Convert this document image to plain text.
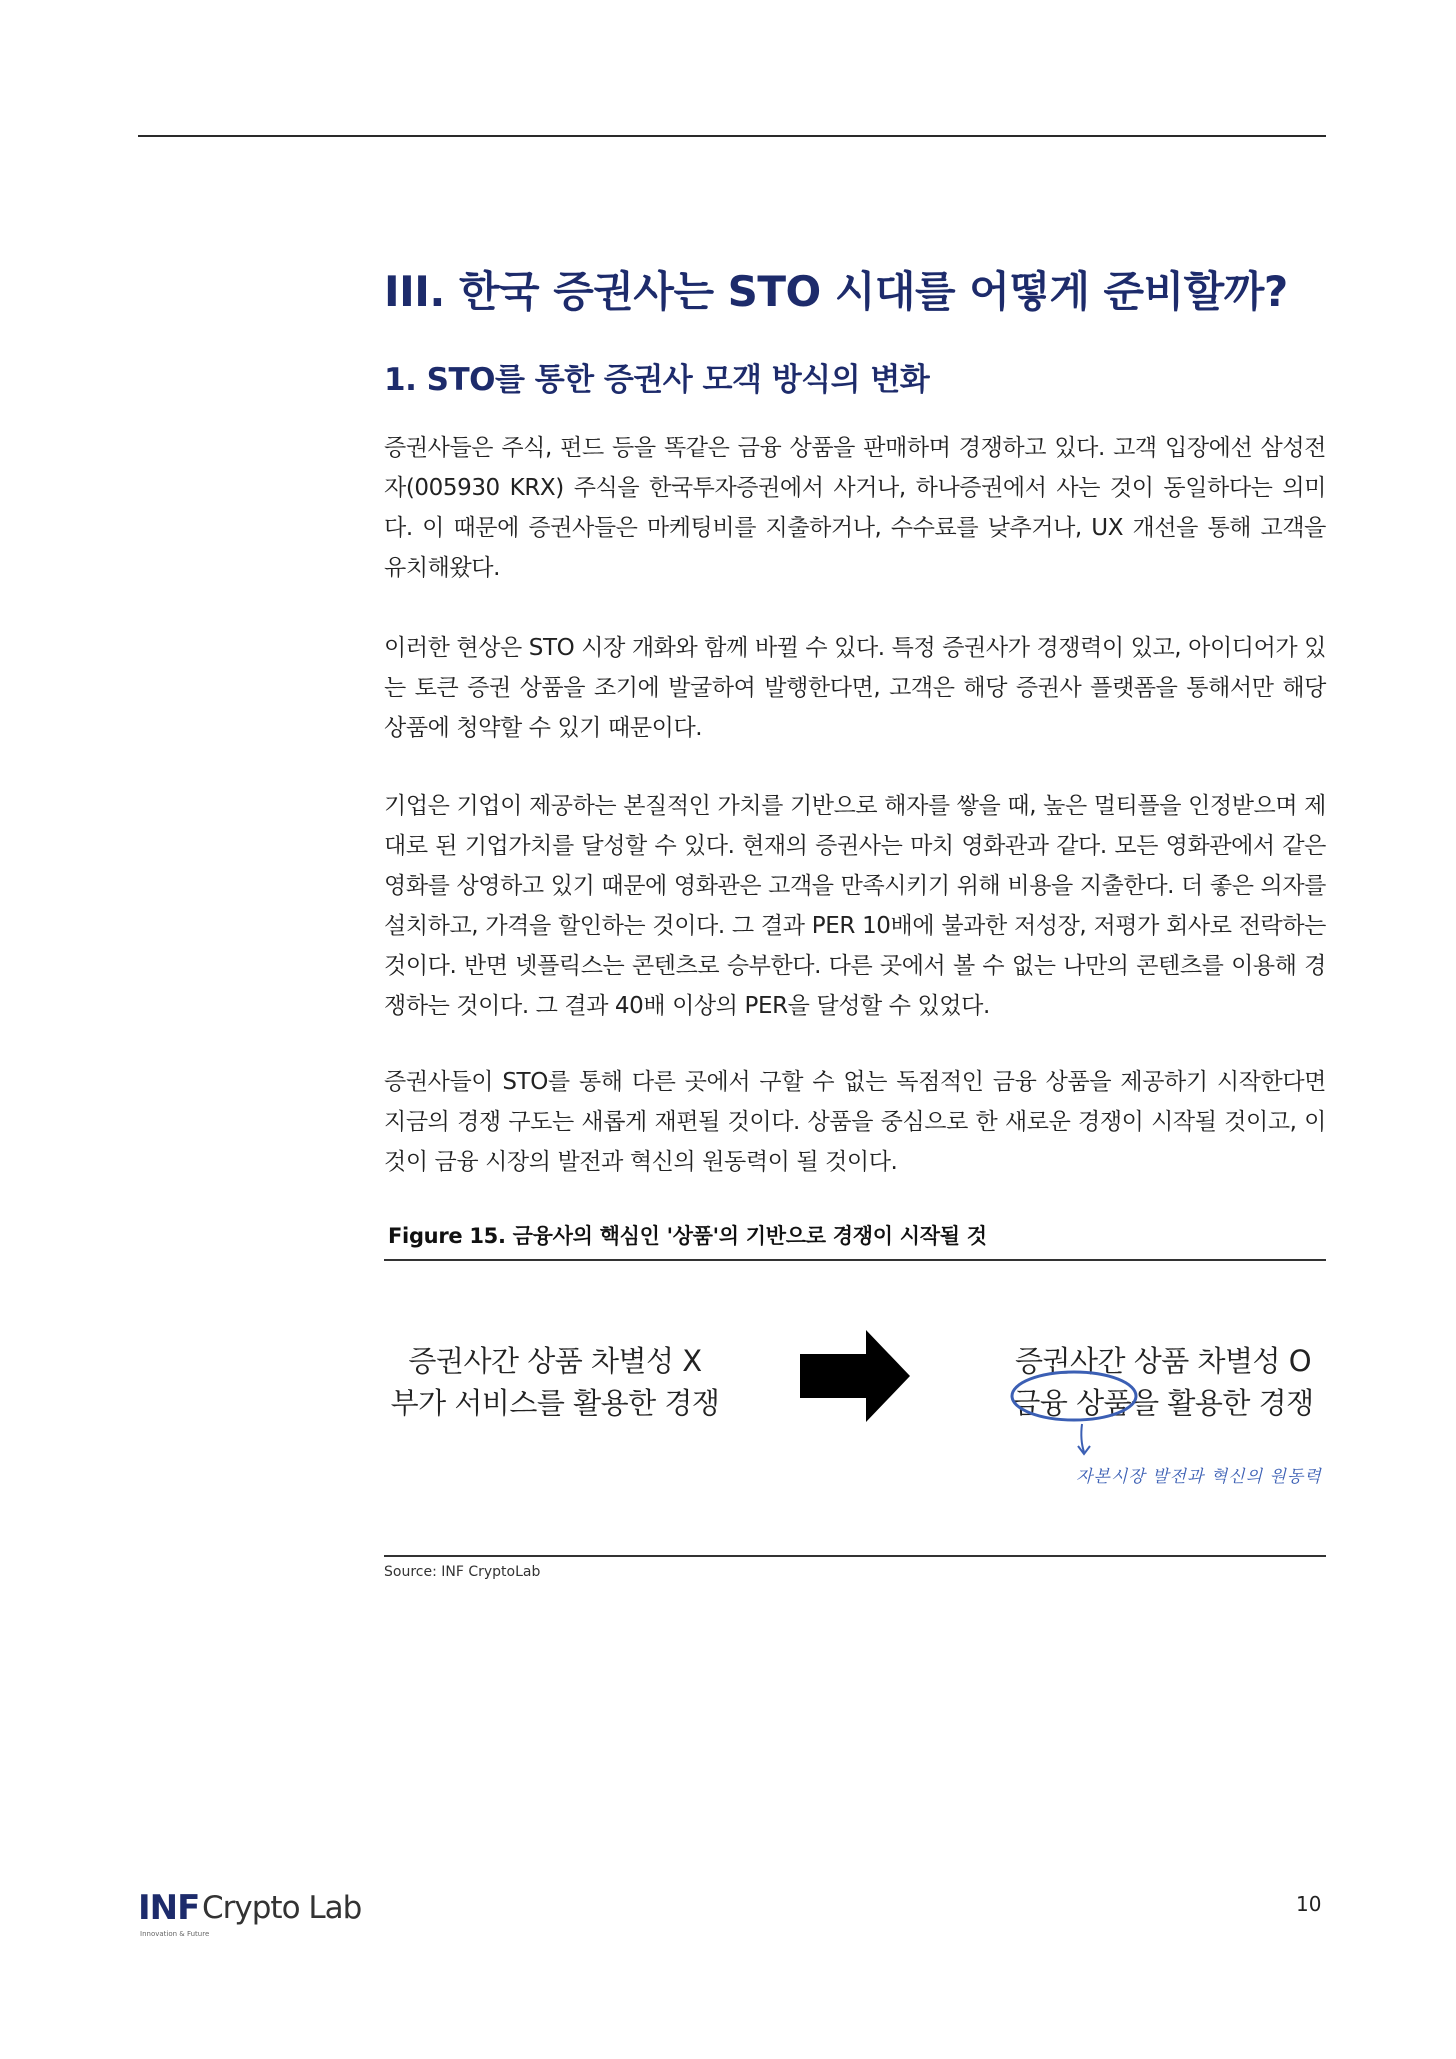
III. 한국 증권사는 STO 시대를 어떻게 준비할까?
1. STO를 통한 증권사 모객 방식의 변화

증권사들은 주식, 펀드 등을 똑같은 금융 상품을 판매하며 경쟁하고 있다. 고객 입장에선 삼성전자(005930 KRX) 주식을 한국투자증권에서 사거나, 하나증권에서 사는 것이 동일하다는 의미다. 이 때문에 증권사들은 마케팅비를 지출하거나, 수수료를 낮추거나, UX 개선을 통해 고객을 유치해왔다.

이러한 현상은 STO 시장 개화와 함께 바뀔 수 있다. 특정 증권사가 경쟁력이 있고, 아이디어가 있는 토큰 증권 상품을 조기에 발굴하여 발행한다면, 고객은 해당 증권사 플랫폼을 통해서만 해당 상품에 청약할 수 있기 때문이다.

기업은 기업이 제공하는 본질적인 가치를 기반으로 해자를 쌓을 때, 높은 멀티플을 인정받으며 제대로 된 기업가치를 달성할 수 있다. 현재의 증권사는 마치 영화관과 같다. 모든 영화관에서 같은 영화를 상영하고 있기 때문에 영화관은 고객을 만족시키기 위해 비용을 지출한다. 더 좋은 의자를 설치하고, 가격을 할인하는 것이다. 그 결과 PER 10배에 불과한 저성장, 저평가 회사로 전락하는 것이다. 반면 넷플릭스는 콘텐츠로 승부한다. 다른 곳에서 볼 수 없는 나만의 콘텐츠를 이용해 경쟁하는 것이다. 그 결과 40배 이상의 PER을 달성할 수 있었다.

증권사들이 STO를 통해 다른 곳에서 구할 수 없는 독점적인 금융 상품을 제공하기 시작한다면 지금의 경쟁 구도는 새롭게 재편될 것이다. 상품을 중심으로 한 새로운 경쟁이 시작될 것이고, 이것이 금융 시장의 발전과 혁신의 원동력이 될 것이다.

Figure 15. 금융사의 핵심인 '상품'의 기반으로 경쟁이 시작될 것

증권사간 상품 차별성 X
부가 서비스를 활용한 경쟁
증권사간 상품 차별성 O
금융 상품을 활용한 경쟁

자본시장 발전과 혁신의 원동력

Source: INF CryptoLab

INF Crypto Lab
Innovation & Future

10
